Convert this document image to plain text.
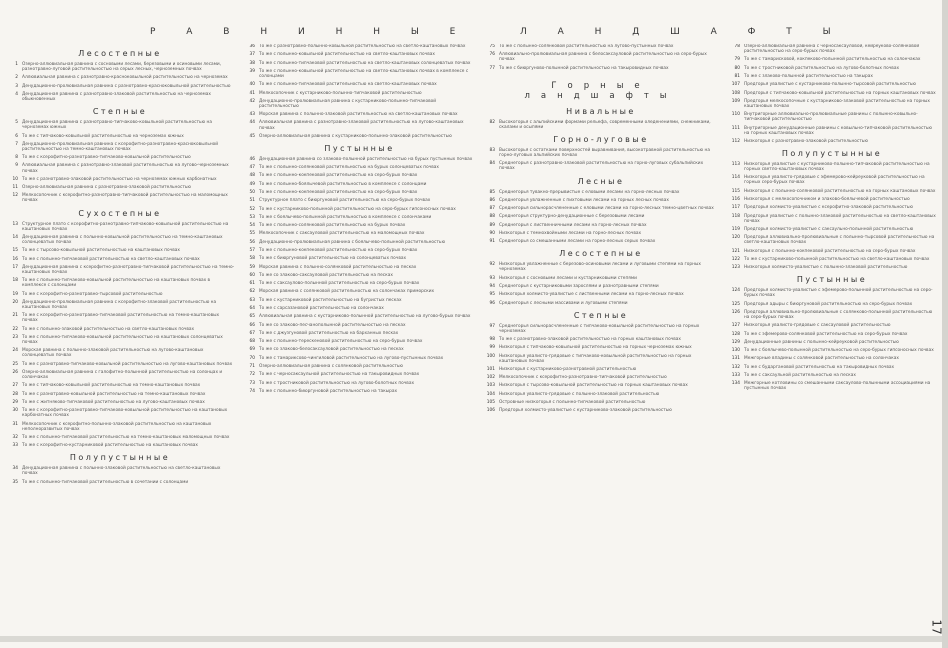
Р А В Н И Н Н Ы Е	Л А Н Д Ш А Ф Т Ы
Лесостепные
1 Озерно-аллювиальная равнина с сосновыми лесами, березовыми и осиновыми лесами, разнотравно-луговой растительностью на серых лесных, черноземных почвах
2 Аллювиальная равнина с разнотравно-красноковыльной растительностью на черноземах
3 Денудационно-пролювиальная равнина с разнотравно-красноковыльной растительностью
4 Денудационная равнина с разнотравно-злаковой растительностью на черноземах обыкновенных
Степные
5 Денудационная равнина с разнотравно-типчаково-ковыльной растительностью на черноземах южных
6 То же с типчаково-ковыльной растительностью на черноземах южных
7 Денудационно-пролювиальная равнина с ксерофитно-разнотравно-красноковыльной растительностью на темно-каштановых почвах
8 То же с ксерофитно-разнотравно-типчаково-ковыльной растительностью
9 Аллювиальная равнина с разнотравно-злаковой растительностью на лугово-черноземных почвах
10 То же с разнотравно-злаковой растительностью на черноземах южных карбонатных
11 Озерно-аллювиальная равнина с разнотравно-злаковой растительностью
12 Мелкосопочник с ксерофитно-разнотравно-типчаковой растительностью на маломощных почвах
Сухостепные
13 Структурное плато с ксерофитно-разнотравно-типчаково-ковыльной растительностью на каштановых почвах
14 Денудационная равнина с полынно-ковыльной растительностью на темно-каштановых солонцеватых почвах
15 То же с тырсово-ковыльной растительностью на каштановых почвах
16 То же с полынно-типчаковой растительностью на светло-каштановых почвах
17 Денудационная равнина с ксерофитно-разнотравно-типчаковой растительностью на темно-каштановых почвах
18 То же с полынно-типчаково-ковыльной растительностью на каштановых почвах в комплексе с солонцами
19 То же с ксерофитно-разнотравно-тырсовой растительностью
20 Денудационно-пролювиальная равнина с ксерофитно-злаковой растительностью на каштановых почвах
21 То же с ксерофитно-разнотравно-типчаковой растительностью на темно-каштановых почвах
22 То же с полынно-злаковой растительностью на светло-каштановых почвах
23 То же с полынно-типчаково-ковыльной растительностью на каштановых солонцеватых почвах
24 Морская равнина с полынно-злаковой растительностью на лугово-каштановых солонцеватых почвах
25 То же с разнотравно-типчаково-ковыльной растительностью на лугово-каштановых почвах
26 Озерно-аллювиальная равнина с галофитно-полынной растительностью на солонцах и солончаках
27 То же с типчаково-ковыльной растительностью на темно-каштановых почвах
28 То же с разнотравно-ковыльной растительностью на темно-каштановых почвах
29 То же с житняково-типчаковой растительностью на лугово-каштановых почвах
30 То же с ксерофитно-разнотравно-типчаково-ковыльной растительностью на каштановых карбонатных почвах
31 Мелкосопочник с ксерофитно-полынно-злаковой растительностью на каштановых неполноразвитых почвах
32 То же с полынно-типчаковой растительностью на темно-каштановых маломощных почвах
33 То же с ксерофитно-кустарниковой растительностью на каштановых почвах
Полупустынные
34 Денудационная равнина с полынно-злаковой растительностью на светло-каштановых почвах
35 То же с полынно-типчаковой растительностью в сочетании с солонцами
36 То же с разнотравно-полынно-ковыльной растительностью на светло-каштановых почвах
37 То же с полынно-ковыльной растительностью на светло-каштановых почвах
38 То же с полынно-типчаковой растительностью на светло-каштановых солонцеватых почвах
39 То же с полынно-ковыльной растительностью на светло-каштановых почвах в комплексе с солонцами
40 То же с полынно-типчаковой растительностью на светло-каштановых почвах
41 Мелкосопочник с кустарниково-полынно-типчаковой растительностью
42 Денудационно-пролювиальная равнина с кустарниково-полынно-типчаковой растительностью
43 Морская равнина с полынно-злаковой растительностью на светло-каштановых почвах
44 Аллювиальная равнина с разнотравно-злаковой растительностью на лугово-каштановых почвах
45 Озерно-аллювиальная равнина с кустарниково-полынно-злаковой растительностью
Пустынные
46 Денудационная равнина со злаково-полынной растительностью на бурых пустынных почвах
47 То же с полынно-солянковой растительностью на бурых солонцеватых почвах
48 То же с полынно-кокпековой растительностью на серо-бурых почвах
49 То же с полынно-боялычевой растительностью в комплексе с солонцами
50 То же с полынно-кокпековой растительностью на серо-бурых почвах
51 Структурное плато с биюргуновой растительностью на серо-бурых почвах
52 То же с кустарниково-полынной растительностью на серо-бурых гипсоносных почвах
53 То же с боялычево-полынной растительностью в комплексе с солончаками
54 То же с полынно-солянковой растительностью на бурых почвах
55 Мелкосопочник с саксауловой растительностью на маломощных почвах
56 Денудационно-пролювиальная равнина с боялычево-полынной растительностью
57 То же с полынно-кокпековой растительностью на серо-бурых почвах
58 То же с биюргуновой растительностью на солонцеватых почвах
59 Морская равнина с полынно-солянковой растительностью на песках
60 То же со злаково-саксауловой растительностью на песках
61 То же с саксаулово-полынной растительностью на серо-бурых почвах
62 Морская равнина с солянковой растительностью на солончаках приморских
63 То же с кустарниковой растительностью на бугристых песках
64 То же с сарсазановой растительностью на солончаках
65 Аллювиальная равнина с кустарниково-полынной растительностью на лугово-бурых почвах
66 То же со злаково-песчанополынной растительностью на песках
67 То же с джузгуновой растительностью на барханных песках
68 То же с полынно-терескеновой растительностью на серо-бурых почвах
69 То же со злаково-белосаксауловой растительностью на песках
70 То же с тамариксово-чингиловой растительностью на лугово-пустынных почвах
71 Озерно-аллювиальная равнина с солянковой растительностью
72 То же с черносаксаульной растительностью на такыровидных почвах
73 То же с тростниковой растительностью на лугово-болотных почвах
74 То же с полынно-биюргуновой растительностью на такырах
75 То же с полынно-солянковой растительностью на лугово-пустынных почвах
76 Аллювиально-пролювиальная равнина с белосаксауловой растительностью на серо-бурых почвах
77 То же с биюргуново-полынной растительностью на такыровидных почвах
Горные ландшафты
Нивальные
82 Высокогорья с альпийскими формами рельефа, современными оледенениями, снежниками, скалами и осыпями
Горно-луговые
83 Высокогорья с остатками поверхностей выравнивания, высокотравной растительностью на горно-луговых альпийских почвах
84 Среднегорья с разнотравно-злаковой растительностью на горно-луговых субальпийских почвах
Лесные
85 Среднегорья тувакно-прерывистые с еловыми лесами на горно-лесных почвах
86 Среднегорья увлажненные с пихтовыми лесами на горных лесных почвах
87 Среднегорья сильнорасчлененные с еловыми лесами на горно-лесных темно-цветных почвах
88 Среднегорья структурно-денудационные с березовыми лесами
89 Среднегорья с лиственничными лесами на горно-лесных почвах
90 Низкогорья с темнохвойными лесами на горно-лесных почвах
91 Среднегорья со смешанными лесами на горно-лесных серых почвах
Лесостепные
92 Низкогорья увлажненные с березово-осиновыми лесами и луговыми степями на горных черноземах
93 Низкогорья с сосновыми лесами и кустарниковыми степями
94 Среднегорья с кустарниковыми зарослями и разнотравными степями
95 Низкогорья холмисто-увалистые с лиственными лесами на горно-лесных почвах
96 Среднегорья с лесными массивами и луговыми степями
Степные
97 Среднегорья сильнорасчлененные с типчаково-ковыльной растительностью на горных черноземах
98 То же с разнотравно-злаковой растительностью на горных каштановых почвах
99 Низкогорья с типчаково-ковыльной растительностью на горных черноземах южных
100 Низкогорья увалисто-грядовые с типчаково-ковыльной растительностью на горных каштановых почвах
101 Низкогорья с кустарниково-разнотравной растительностью
102 Мелкосопочник с ксерофитно-разнотравно-типчаковой растительностью
103 Низкогорья с тырсово-ковыльной растительностью на горных каштановых почвах
104 Низкогорья увалисто-грядовые с полынно-злаковой растительностью
105 Островные низкогорья с полынно-типчаковой растительностью
106 Предгорья холмисто-увалистые с кустарниково-злаковой растительностью
78 Озерно-аллювиальная равнина с черносаксауловой, кейреуково-солянковой растительностью на серо-бурых почвах
79 То же с тамарисковой, кокпеково-полынной растительностью на солончаках
80 То же с тростниковой растительностью на лугово-болотных почвах
81 То же с злаково-полынной растительностью на такырах
107 Предгорья увалистые с кустарниково-полынно-тырсовой растительностью
108 Предгорья с типчаково-ковыльной растительностью на горных каштановых почвах
109 Предгорья мелкосопочные с кустарниково-злаковой растительностью на горных каштановых почвах
110 Внутригорные аллювиально-пролювиальные равнины с полынно-ковыльно-типчаковой растительностью
111 Внутригорные денудационные равнины с ковыльно-типчаковой растительностью на горных каштановых почвах
112 Низкогорья с разнотравно-злаковой растительностью
Полупустынные
113 Низкогорья увалистые с кустарниково-полынно-типчаковой растительностью на горных светло-каштановых почвах
114 Низкогорья увалисто-грядовые с эфемерово-кейреуковой растительностью на горных серо-бурых почвах
115 Низкогорья с полынно-солянковой растительностью на горных каштановых почвах
116 Низкогорья с мелкосопочником и злаково-боялычевой растительностью
117 Предгорья холмисто-увалистые с ксерофитно-злаковой растительностью
118 Предгорья увалистые с полынно-злаковой растительностью на светло-каштановых почвах
119 Предгорья холмисто-увалистые с саксаульно-полынной растительностью
120 Предгорья аллювиально-пролювиальные с полынно-тырсовой растительностью на светло-каштановых почвах
121 Низкогорья с полынно-кокпековой растительностью на серо-бурых почвах
122 То же с кустарниково-полынной растительностью на светло-каштановых почвах
123 Низкогорья холмисто-увалистые с полынно-злаковой растительностью
Пустынные
124 Предгорья холмисто-увалистые с эфемерово-полынной растительностью на серо-бурых почвах
125 Предгорья адыры с биюргуновой растительностью на серо-бурых почвах
126 Предгорья аллювиально-пролювиальные с солянково-полынной растительностью на серо-бурых почвах
127 Низкогорья увалисто-грядовые с саксауловой растительностью
128 То же с эфемерово-солянковой растительностью на серо-бурых почвах
129 Денудационные равнины с полынно-кейреуковой растительностью
130 То же с боялычево-полынной растительностью на серо-бурых гипсоносных почвах
131 Межгорные впадины с солянковой растительностью на солончаках
132 То же с бударгановой растительностью на такыровидных почвах
133 То же с саксаульной растительностью на песках
134 Межгорные котловины со смешанными саксаулово-полынными ассоциациями на пустынных почвах
17
